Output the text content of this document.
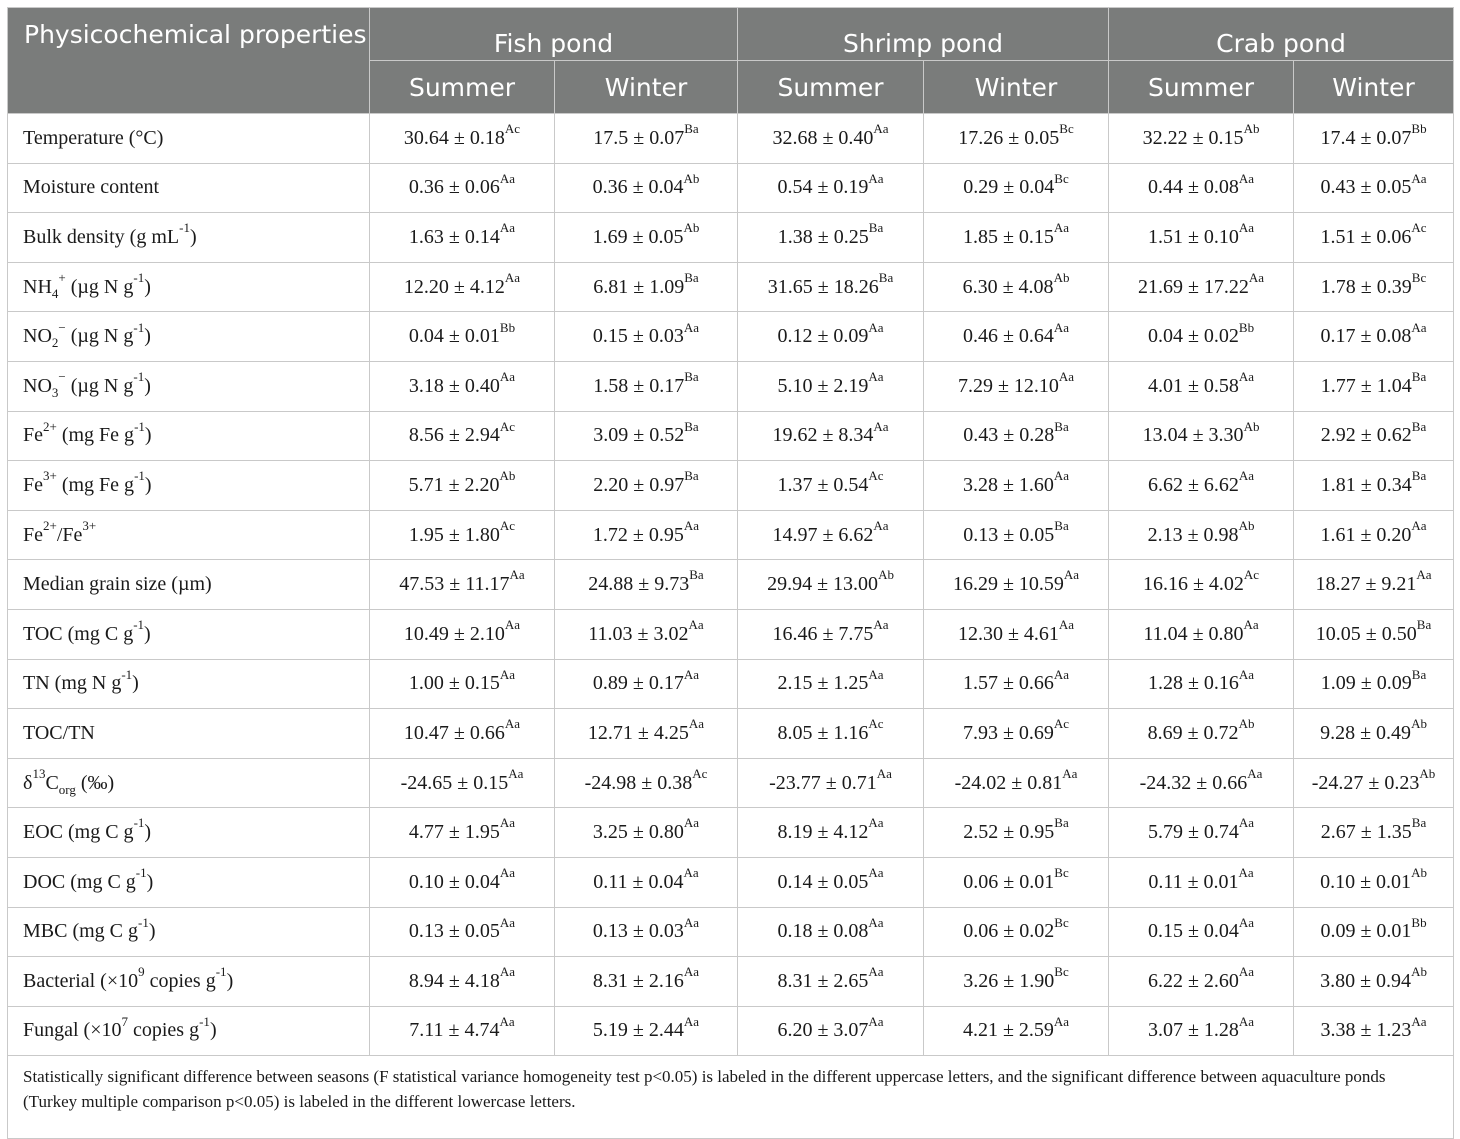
Physicochemical properties	Fish pond		Shrimp pond		Crab pond	
	Summer	Winter	Summer	Winter	Summer	Winter
Temperature (°C)	$30.64 \pm 0.18^{Ac}$	$17.5 \pm 0.07^{Ba}$	$32.68 \pm 0.40^{Aa}$	$17.26 \pm 0.05^{Bc}$	$32.22 \pm 0.15^{Ab}$	$17.4 \pm 0.07^{Bb}$
Moisture content	$0.36 \pm 0.06^{Aa}$	$0.36 \pm 0.04^{Ab}$	$0.54 \pm 0.19^{Aa}$	$0.29 \pm 0.04^{Bc}$	$0.44 \pm 0.08^{Aa}$	$0.43 \pm 0.05^{Aa}$
Bulk density (g $mL^{-1}$)	$1.63 \pm 0.14^{Aa}$	$1.69 \pm 0.05^{Ab}$	$1.38 \pm 0.25^{Ba}$	$1.85 \pm 0.15^{Aa}$	$1.51 \pm 0.10^{Aa}$	$1.51 \pm 0.06^{Ac}$
$NH_4^+$ (µg N $g^{-1}$)	$12.20 \pm 4.12^{Aa}$	$6.81 \pm 1.09^{Ba}$	$31.65 \pm 18.26^{Ba}$	$6.30 \pm 4.08^{Ab}$	$21.69 \pm 17.22^{Aa}$	$1.78 \pm 0.39^{Bc}$
$NO_2^-$ (µg N $g^{-1}$)	$0.04 \pm 0.01^{Bb}$	$0.15 \pm 0.03^{Aa}$	$0.12 \pm 0.09^{Aa}$	$0.46 \pm 0.64^{Aa}$	$0.04 \pm 0.02^{Bb}$	$0.17 \pm 0.08^{Aa}$
$NO_3^-$ (µg N $g^{-1}$)	$3.18 \pm 0.40^{Aa}$	$1.58 \pm 0.17^{Ba}$	$5.10 \pm 2.19^{Aa}$	$7.29 \pm 12.10^{Aa}$	$4.01 \pm 0.58^{Aa}$	$1.77 \pm 1.04^{Ba}$
$Fe^{2+}$ (mg Fe $g^{-1}$)	$8.56 \pm 2.94^{Ac}$	$3.09 \pm 0.52^{Ba}$	$19.62 \pm 8.34^{Aa}$	$0.43 \pm 0.28^{Ba}$	$13.04 \pm 3.30^{Ab}$	$2.92 \pm 0.62^{Ba}$
$Fe^{3+}$ (mg Fe $g^{-1}$)	$5.71 \pm 2.20^{Ab}$	$2.20 \pm 0.97^{Ba}$	$1.37 \pm 0.54^{Ac}$	$3.28 \pm 1.60^{Aa}$	$6.62 \pm 6.62^{Aa}$	$1.81 \pm 0.34^{Ba}$
$Fe^{2+}/Fe^{3+}$	$1.95 \pm 1.80^{Ac}$	$1.72 \pm 0.95^{Aa}$	$14.97 \pm 6.62^{Aa}$	$0.13 \pm 0.05^{Ba}$	$2.13 \pm 0.98^{Ab}$	$1.61 \pm 0.20^{Aa}$
Median grain size (µm)	$47.53 \pm 11.17^{Aa}$	$24.88 \pm 9.73^{Ba}$	$29.94 \pm 13.00^{Ab}$	$16.29 \pm 10.59^{Aa}$	$16.16 \pm 4.02^{Ac}$	$18.27 \pm 9.21^{Aa}$
TOC (mg C $g^{-1}$)	$10.49 \pm 2.10^{Aa}$	$11.03 \pm 3.02^{Aa}$	$16.46 \pm 7.75^{Aa}$	$12.30 \pm 4.61^{Aa}$	$11.04 \pm 0.80^{Aa}$	$10.05 \pm 0.50^{Ba}$
TN (mg N $g^{-1}$)	$1.00 \pm 0.15^{Aa}$	$0.89 \pm 0.17^{Aa}$	$2.15 \pm 1.25^{Aa}$	$1.57 \pm 0.66^{Aa}$	$1.28 \pm 0.16^{Aa}$	$1.09 \pm 0.09^{Ba}$
TOC/TN	$10.47 \pm 0.66^{Aa}$	$12.71 \pm 4.25^{Aa}$	$8.05 \pm 1.16^{Ac}$	$7.93 \pm 0.69^{Ac}$	$8.69 \pm 0.72^{Ab}$	$9.28 \pm 0.49^{Ab}$
$\delta^{13}C_{org}$ (‰)	$-24.65 \pm 0.15^{Aa}$	$-24.98 \pm 0.38^{Ac}$	$-23.77 \pm 0.71^{Aa}$	$-24.02 \pm 0.81^{Aa}$	$-24.32 \pm 0.66^{Aa}$	$-24.27 \pm 0.23^{Ab}$
EOC (mg C $g^{-1}$)	$4.77 \pm 1.95^{Aa}$	$3.25 \pm 0.80^{Aa}$	$8.19 \pm 4.12^{Aa}$	$2.52 \pm 0.95^{Ba}$	$5.79 \pm 0.74^{Aa}$	$2.67 \pm 1.35^{Ba}$
DOC (mg C $g^{-1}$)	$0.10 \pm 0.04^{Aa}$	$0.11 \pm 0.04^{Aa}$	$0.14 \pm 0.05^{Aa}$	$0.06 \pm 0.01^{Bc}$	$0.11 \pm 0.01^{Aa}$	$0.10 \pm 0.01^{Ab}$
MBC (mg C $g^{-1}$)	$0.13 \pm 0.05^{Aa}$	$0.13 \pm 0.03^{Aa}$	$0.18 \pm 0.08^{Aa}$	$0.06 \pm 0.02^{Bc}$	$0.15 \pm 0.04^{Aa}$	$0.09 \pm 0.01^{Bb}$
Bacterial ($\times 10^9$ copies $g^{-1}$)	$8.94 \pm 4.18^{Aa}$	$8.31 \pm 2.16^{Aa}$	$8.31 \pm 2.65^{Aa}$	$3.26 \pm 1.90^{Bc}$	$6.22 \pm 2.60^{Aa}$	$3.80 \pm 0.94^{Ab}$
Fungal ($\times 10^7$ copies $g^{-1}$)	$7.11 \pm 4.74^{Aa}$	$5.19 \pm 2.44^{Aa}$	$6.20 \pm 3.07^{Aa}$	$4.21 \pm 2.59^{Aa}$	$3.07 \pm 1.28^{Aa}$	$3.38 \pm 1.23^{Aa}$
Statistically significant difference between seasons (F statistical variance homogeneity test p<0.05) is labeled in the different uppercase letters, and the significant difference between aquaculture ponds (Turkey multiple comparison p<0.05) is labeled in the different lowercase letters.						
